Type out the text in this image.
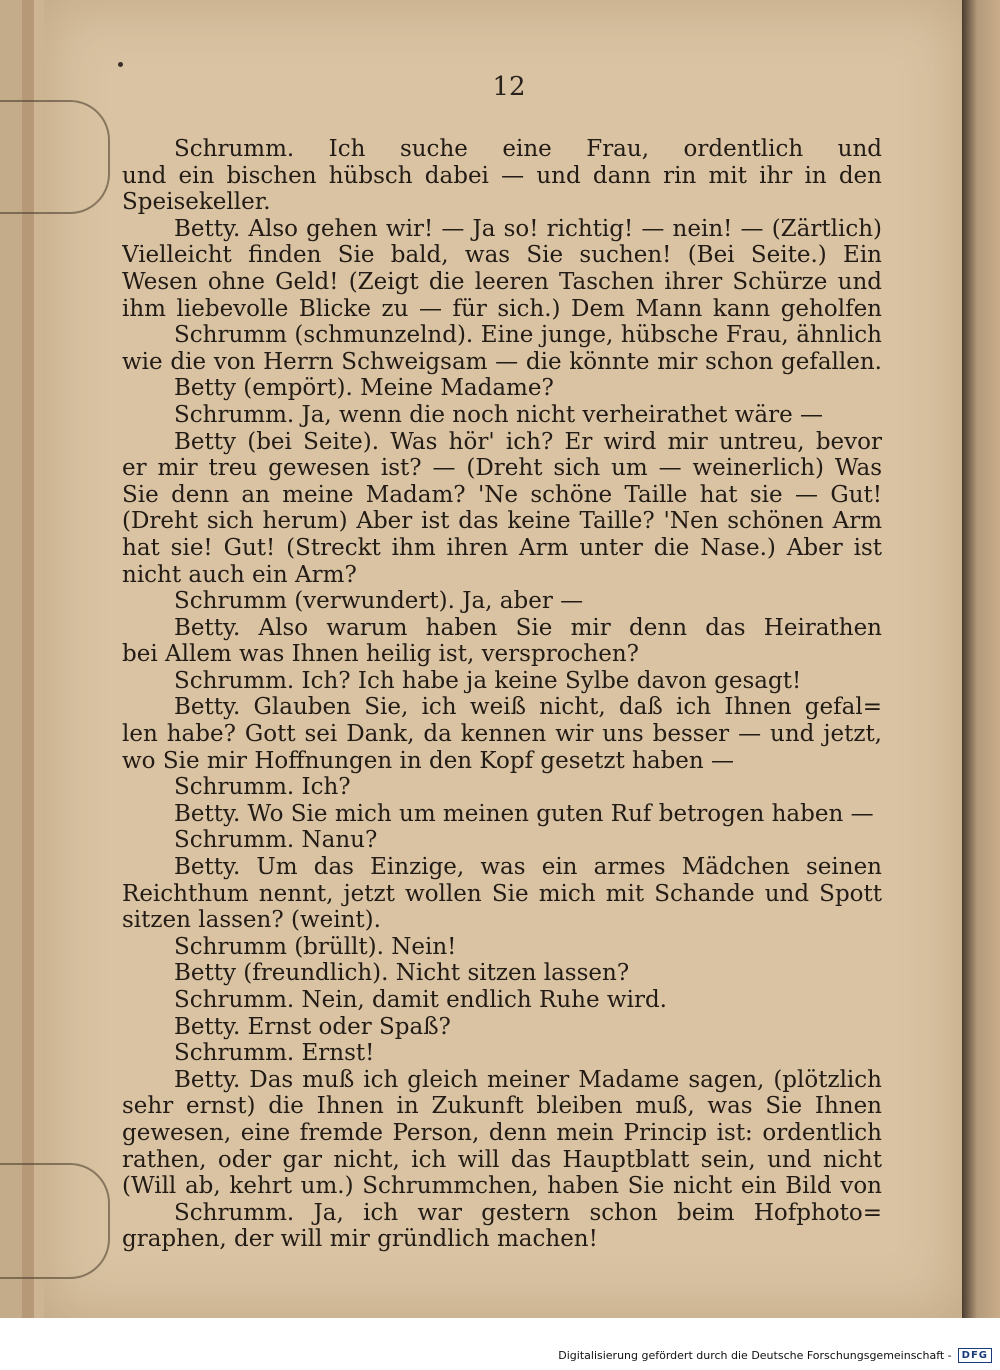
12
Schrumm. Ich suche eine Frau, ordentlich und
und ein bischen hübsch dabei — und dann rin mit ihr in den
Speisekeller.
Betty. Also gehen wir! — Ja so! richtig! — nein! — (Zärtlich)
Vielleicht finden Sie bald, was Sie suchen! (Bei Seite.) Ein
Wesen ohne Geld! (Zeigt die leeren Taschen ihrer Schürze und
ihm liebevolle Blicke zu — für sich.) Dem Mann kann geholfen
Schrumm (schmunzelnd). Eine junge, hübsche Frau, ähnlich
wie die von Herrn Schweigsam — die könnte mir schon gefallen.
Betty (empört). Meine Madame?
Schrumm. Ja, wenn die noch nicht verheirathet wäre —
Betty (bei Seite). Was hör' ich? Er wird mir untreu, bevor
er mir treu gewesen ist? — (Dreht sich um — weinerlich) Was
Sie denn an meine Madam? 'Ne schöne Taille hat sie — Gut!
(Dreht sich herum) Aber ist das keine Taille? 'Nen schönen Arm
hat sie! Gut! (Streckt ihm ihren Arm unter die Nase.) Aber ist
nicht auch ein Arm?
Schrumm (verwundert). Ja, aber —
Betty. Also warum haben Sie mir denn das Heirathen
bei Allem was Ihnen heilig ist, versprochen?
Schrumm. Ich? Ich habe ja keine Sylbe davon gesagt!
Betty. Glauben Sie, ich weiß nicht, daß ich Ihnen gefal=
len habe? Gott sei Dank, da kennen wir uns besser — und jetzt,
wo Sie mir Hoffnungen in den Kopf gesetzt haben —
Schrumm. Ich?
Betty. Wo Sie mich um meinen guten Ruf betrogen haben —
Schrumm. Nanu?
Betty. Um das Einzige, was ein armes Mädchen seinen
Reichthum nennt, jetzt wollen Sie mich mit Schande und Spott
sitzen lassen? (weint).
Schrumm (brüllt). Nein!
Betty (freundlich). Nicht sitzen lassen?
Schrumm. Nein, damit endlich Ruhe wird.
Betty. Ernst oder Spaß?
Schrumm. Ernst!
Betty. Das muß ich gleich meiner Madame sagen, (plötzlich
sehr ernst) die Ihnen in Zukunft bleiben muß, was Sie Ihnen
gewesen, eine fremde Person, denn mein Princip ist: ordentlich
rathen, oder gar nicht, ich will das Hauptblatt sein, und nicht
(Will ab, kehrt um.) Schrummchen, haben Sie nicht ein Bild von
Schrumm. Ja, ich war gestern schon beim Hofphoto=
graphen, der will mir gründlich machen!
Digitalisierung gefördert durch die Deutsche Forschungsgemeinschaft -	DFG
